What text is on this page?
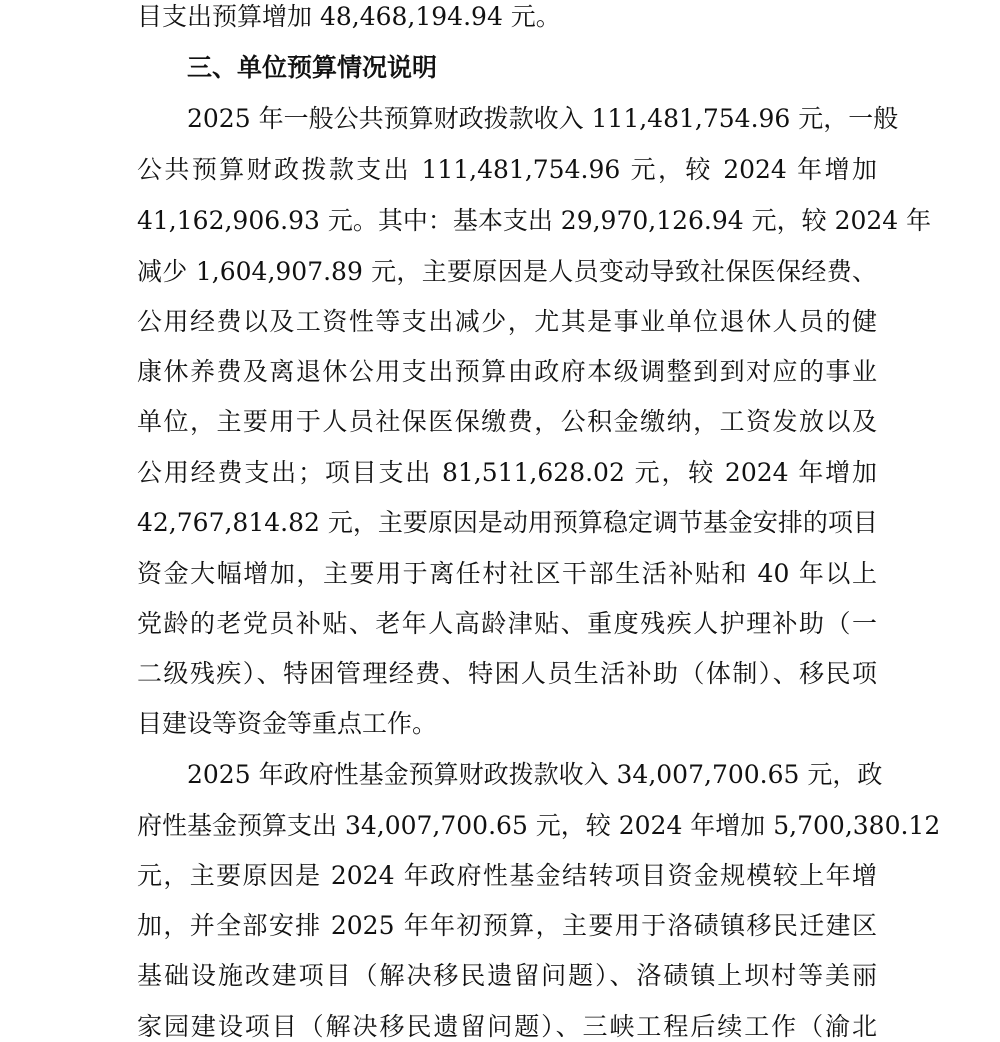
目支出预算增加 48,468,194.94 元。
三、单位预算情况说明
2025 年一般公共预算财政拨款收入 111,481,754.96 元，一般
公共预算财政拨款支出 111,481,754.96 元，较 2024 年增加
41,162,906.93 元。其中：基本支出 29,970,126.94 元，较 2024 年
减少 1,604,907.89 元，主要原因是人员变动导致社保医保经费、
公用经费以及工资性等支出减少，尤其是事业单位退休人员的健
康休养费及离退休公用支出预算由政府本级调整到到对应的事业
单位，主要用于人员社保医保缴费，公积金缴纳，工资发放以及
公用经费支出；项目支出 81,511,628.02 元，较 2024 年增加
42,767,814.82 元，主要原因是动用预算稳定调节基金安排的项目
资金大幅增加，主要用于离任村社区干部生活补贴和 40 年以上
党龄的老党员补贴、老年人高龄津贴、重度残疾人护理补助（一
二级残疾）、特困管理经费、特困人员生活补助（体制）、移民项
目建设等资金等重点工作。
2025 年政府性基金预算财政拨款收入 34,007,700.65 元，政
府性基金预算支出 34,007,700.65 元，较 2024 年增加 5,700,380.12
元，主要原因是 2024 年政府性基金结转项目资金规模较上年增
加，并全部安排 2025 年年初预算，主要用于洛碛镇移民迁建区
基础设施改建项目（解决移民遗留问题）、洛碛镇上坝村等美丽
家园建设项目（解决移民遗留问题）、三峡工程后续工作（渝北
